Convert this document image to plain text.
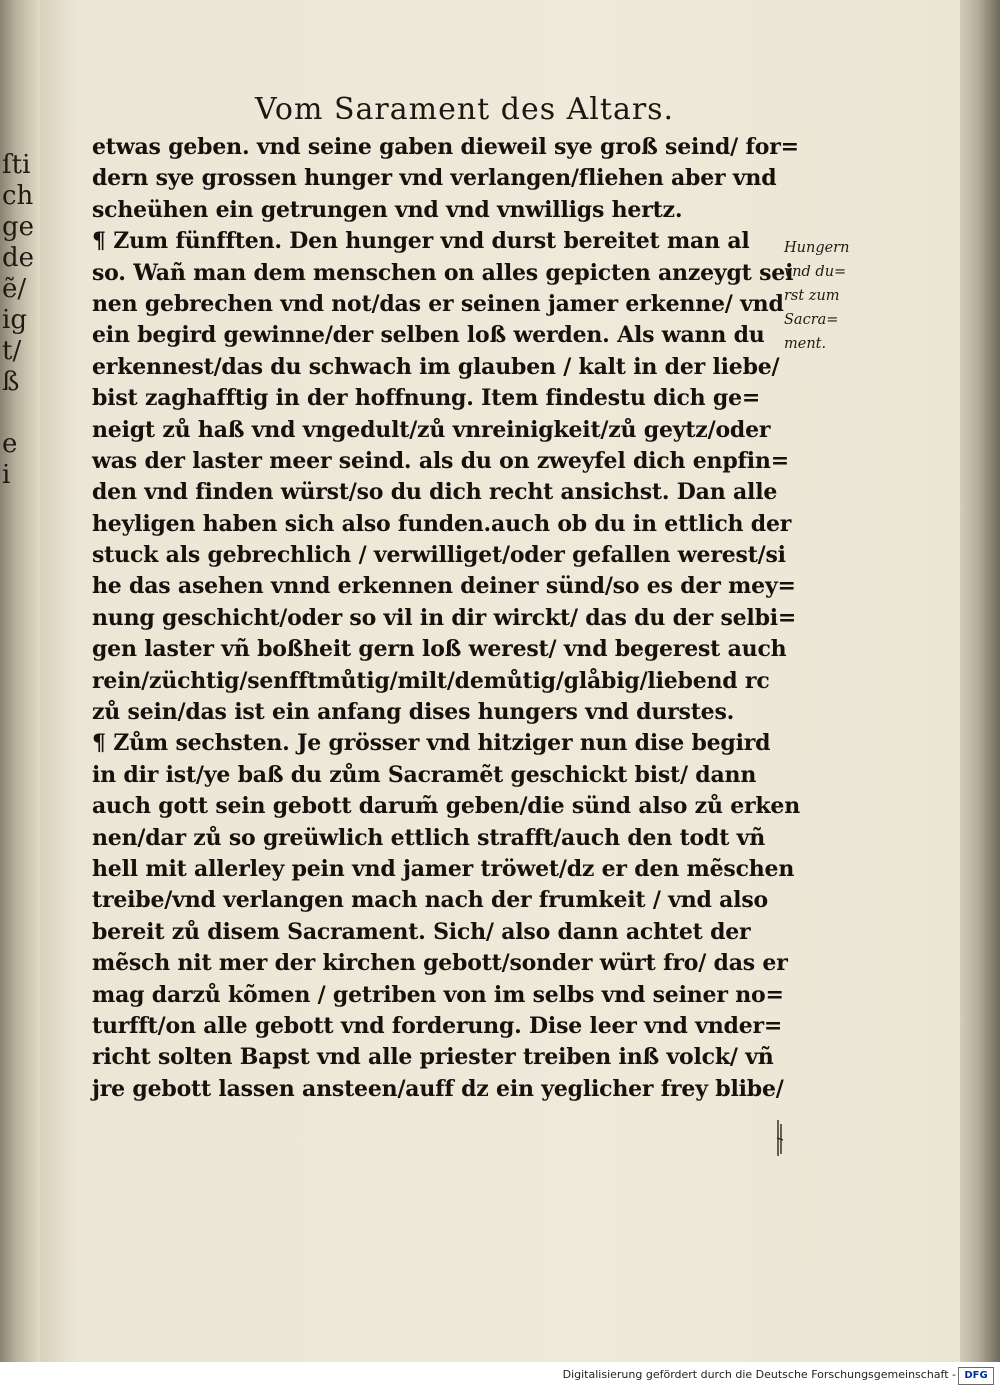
ſti
ch
ge
de
ẽ/
ig
t/
ß

e
i
Vom Sarament des Altars.
etwas geben. vnd seine gaben dieweil sye groß seind/ for=
dern sye grossen hunger vnd verlangen/fliehen aber vnd
scheühen ein getrungen vnd vnd vnwilligs hertz.
¶ Zum fünfften. Den hunger vnd durst bereitet man al
so. Wañ man dem menschen on alles gepicten anzeygt sei
nen gebrechen vnd not/das er seinen jamer erkenne/ vnd
ein begird gewinne/der selben loß werden. Als wann du
erkennest/das du schwach im glauben / kalt in der liebe/
bist zaghafftig in der hoffnung. Item findestu dich ge=
neigt zů haß vnd vngedult/zů vnreinigkeit/zů geytz/oder
was der laster meer seind. als du on zweyfel dich enpfin=
den vnd finden würst/so du dich recht ansichst. Dan alle
heyligen haben sich also funden.auch ob du in ettlich der
stuck als gebrechlich / verwilliget/oder gefallen werest/si
he das asehen vnnd erkennen deiner sünd/so es der mey=
nung geschicht/oder so vil in dir wirckt/ das du der selbi=
gen laster vñ boßheit gern loß werest/ vnd begerest auch
rein/züchtig/senfftmůtig/milt/demůtig/glåbig/liebend rc
zů sein/das ist ein anfang dises hungers vnd durstes.
¶ Zům sechsten. Je grösser vnd hitziger nun dise begird
in dir ist/ye baß du zům Sacramẽt geschickt bist/ dann
auch gott sein gebott darum̃ geben/die sünd also zů erken
nen/dar zů so greüwlich ettlich strafft/auch den todt vñ
hell mit allerley pein vnd jamer tröwet/dz er den mẽschen
treibe/vnd verlangen mach nach der frumkeit / vnd also
bereit zů disem Sacrament. Sich/ also dann achtet der
mẽsch nit mer der kirchen gebott/sonder würt fro/ das er
mag darzů kõmen / getriben von im selbs vnd seiner no=
turfft/on alle gebott vnd forderung. Dise leer vnd vnder=
richt solten Bapst vnd alle priester treiben inß volck/ vñ
jre gebott lassen ansteen/auff dz ein yeglicher frey blibe/
Hungern
vnd du=
rst zum
Sacra=
ment.
Digitalisierung gefördert durch die Deutsche Forschungsgemeinschaft - DFG
